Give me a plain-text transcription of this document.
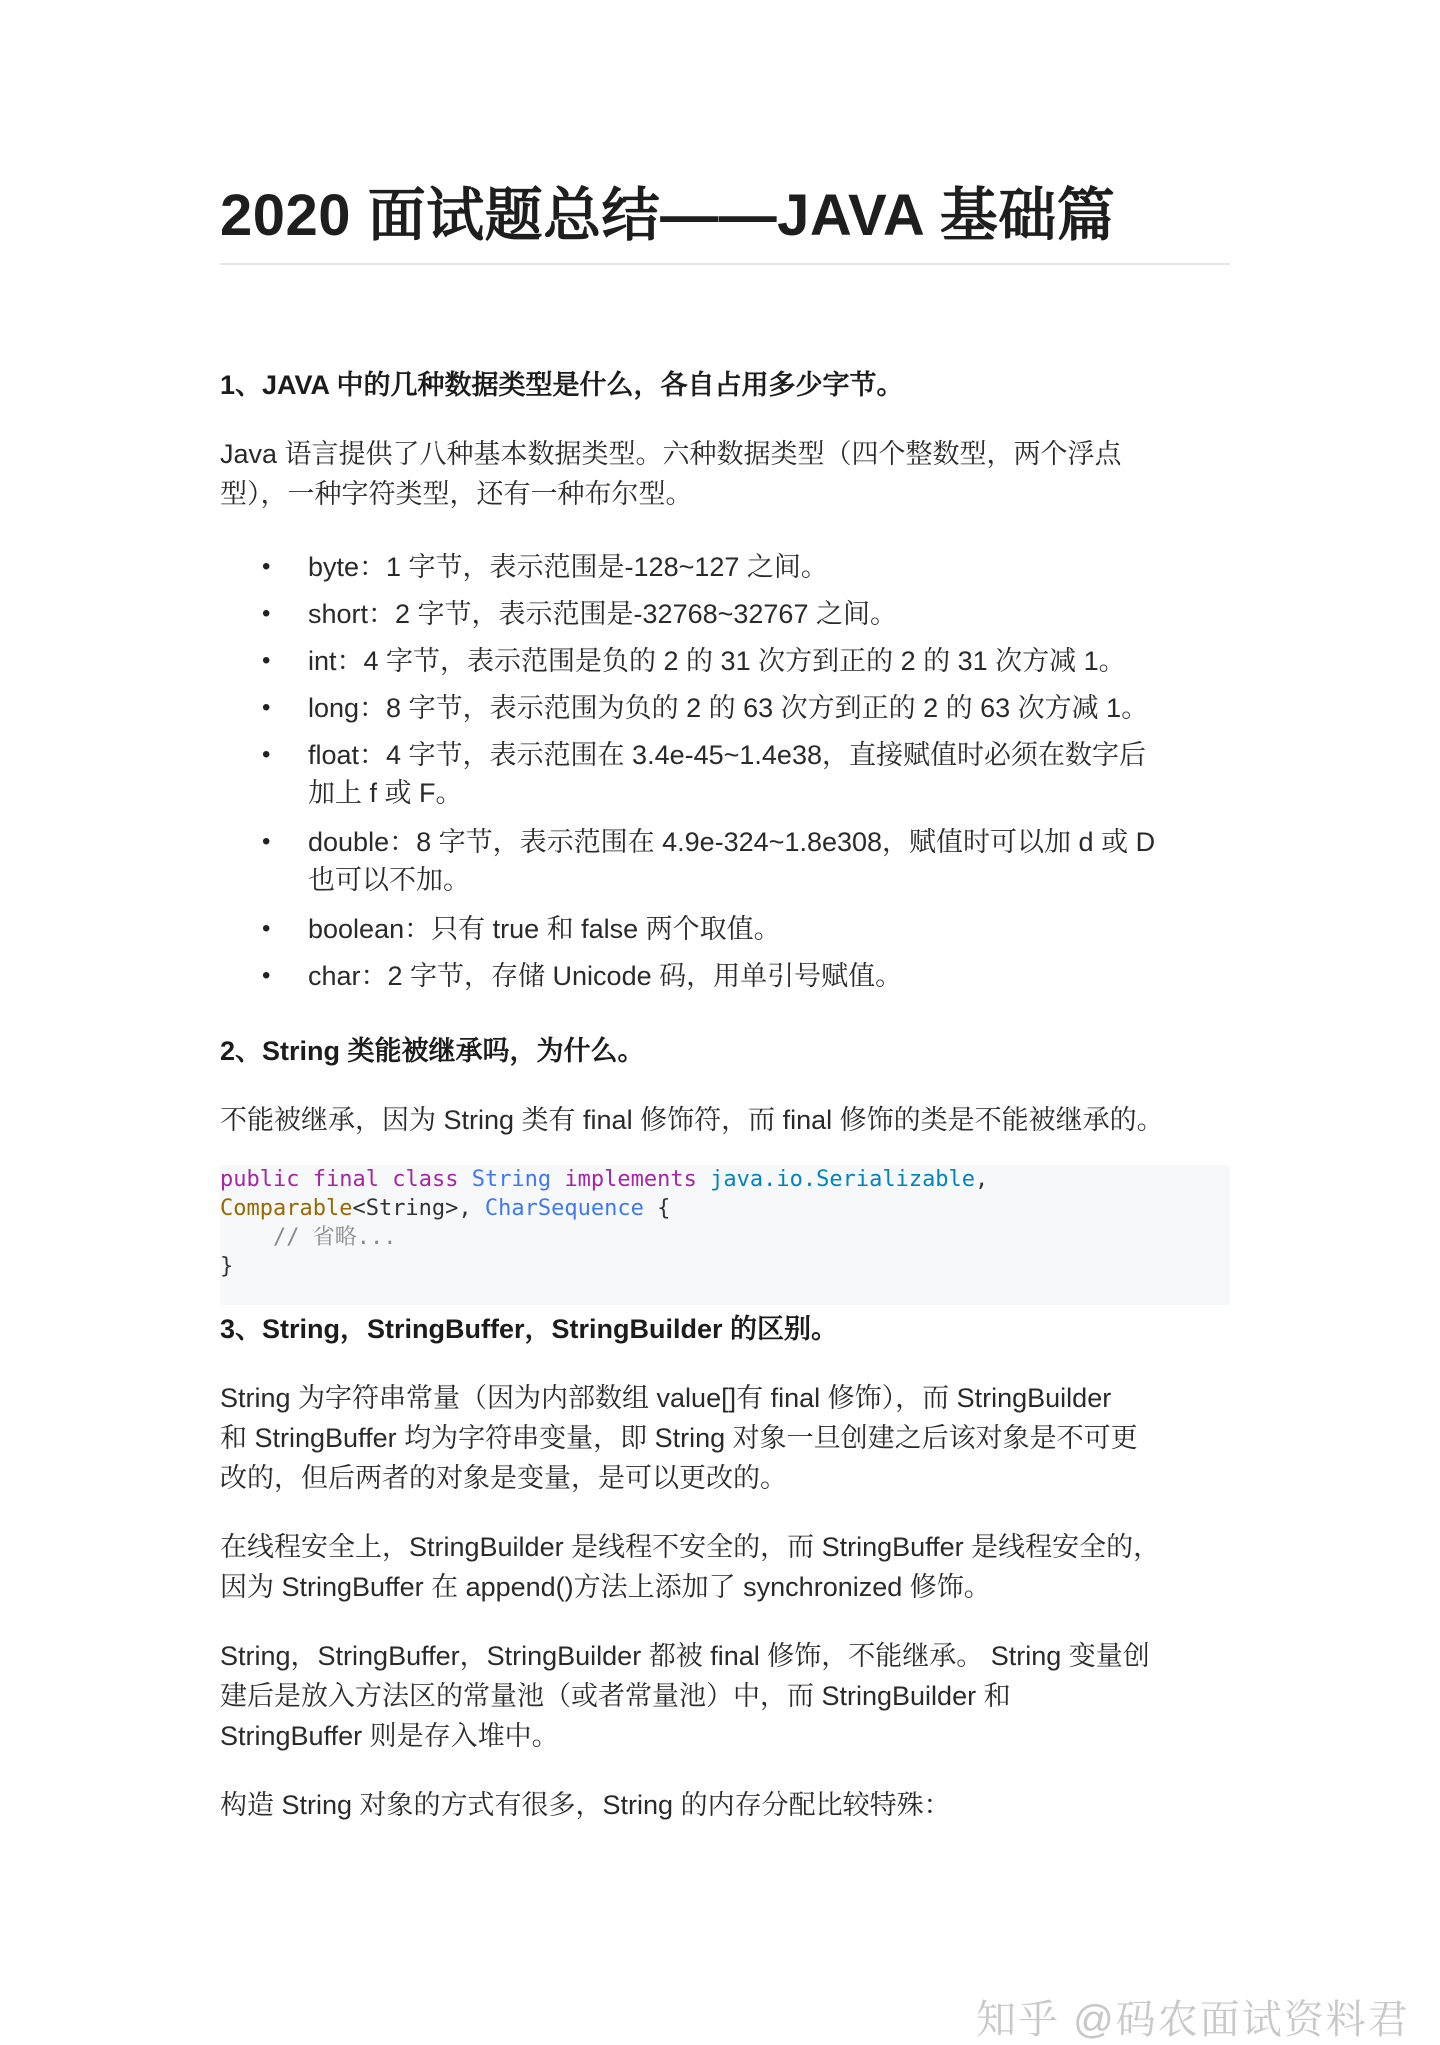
2020 面试题总结——JAVA 基础篇
1、JAVA 中的几种数据类型是什么，各自占用多少字节。
Java 语言提供了八种基本数据类型。六种数据类型（四个整数型，两个浮点
型），一种字符类型，还有一种布尔型。
• byte：1 字节，表示范围是-128~127 之间。
• short：2 字节，表示范围是-32768~32767 之间。
• int：4 字节，表示范围是负的 2 的 31 次方到正的 2 的 31 次方减 1。
• long：8 字节，表示范围为负的 2 的 63 次方到正的 2 的 63 次方减 1。
• float：4 字节，表示范围在 3.4e-45~1.4e38，直接赋值时必须在数字后
加上 f 或 F。
• double：8 字节，表示范围在 4.9e-324~1.8e308，赋值时可以加 d 或 D
也可以不加。
• boolean：只有 true 和 false 两个取值。
• char：2 字节，存储 Unicode 码，用单引号赋值。
2、String 类能被继承吗，为什么。
不能被继承，因为 String 类有 final 修饰符，而 final 修饰的类是不能被继承的。
public final class String implements java.io.Serializable,
Comparable<String>, CharSequence {
// 省略...
}
3、String，StringBuffer，StringBuilder 的区别。
String 为字符串常量（因为内部数组 value[]有 final 修饰），而 StringBuilder
和 StringBuffer 均为字符串变量，即 String 对象一旦创建之后该对象是不可更
改的，但后两者的对象是变量，是可以更改的。
在线程安全上，StringBuilder 是线程不安全的，而 StringBuffer 是线程安全的，
因为 StringBuffer 在 append()方法上添加了 synchronized 修饰。
String，StringBuffer，StringBuilder 都被 final 修饰，不能继承。 String 变量创
建后是放入方法区的常量池（或者常量池）中，而 StringBuilder 和
StringBuffer 则是存入堆中。
构造 String 对象的方式有很多，String 的内存分配比较特殊：
知乎 @码农面试资料君
